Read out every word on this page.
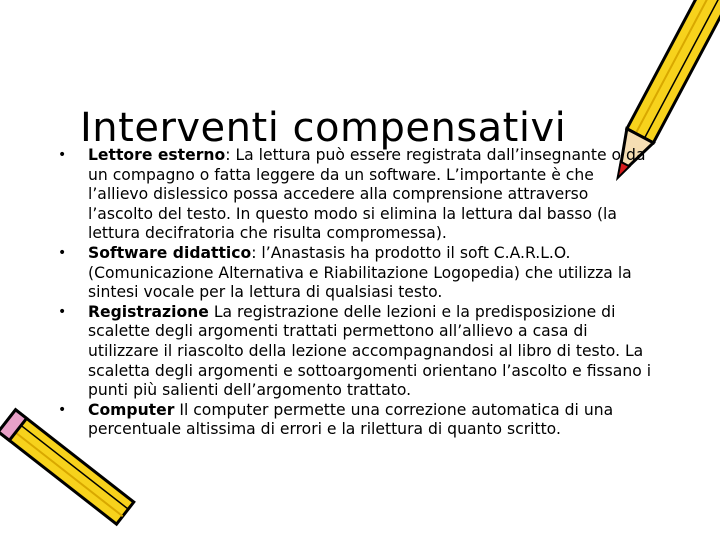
Interventi compensativi
•	Lettore esterno: La lettura può essere registrata dall’insegnante o da un compagno o fatta leggere da un software. L’importante è che l’allievo dislessico possa accedere alla comprensione attraverso l’ascolto del testo. In questo modo si elimina la lettura dal basso (la lettura decifratoria che risulta compromessa).
•	Software didattico: l’Anastasis ha prodotto il soft C.A.R.L.O.(Comunicazione Alternativa e Riabilitazione Logopedia) che utilizza la sintesi vocale per la lettura di qualsiasi testo.
•	Registrazione La registrazione delle lezioni e la predisposizione di scalette degli argomenti trattati permettono all’allievo a casa di utilizzare il riascolto della lezione accompagnandosi al libro di testo. La scaletta degli argomenti e sottoargomenti orientano l’ascolto e fissano i punti più salienti dell’argomento trattato.
•	Computer Il computer permette una correzione automatica di una percentuale altissima di errori e la rilettura di quanto scritto.
